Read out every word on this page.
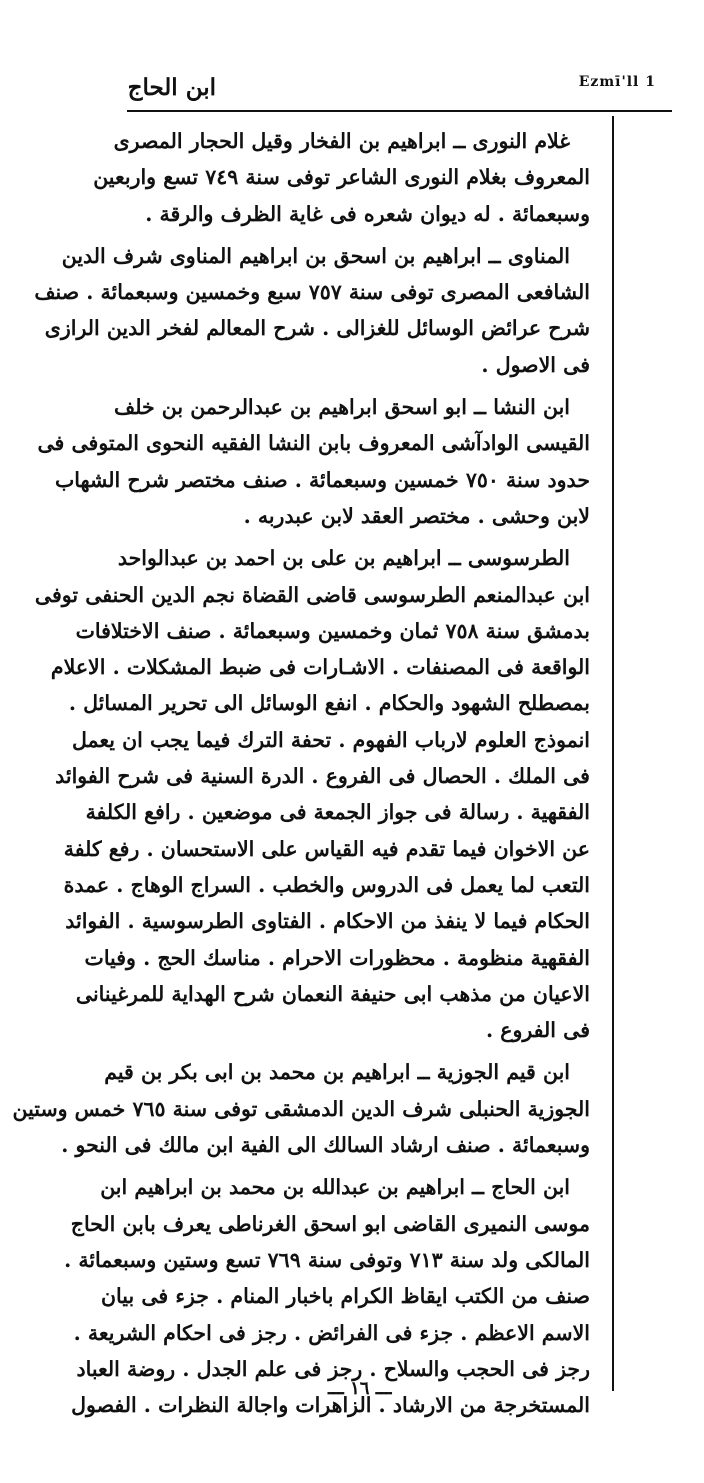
ابن الحاج	Ezmī'll 1
غلام النورى ــ ابراهيم بن الفخار وقيل الحجار المصرى
المعروف بغلام النورى الشاعر توفى سنة ٧٤٩ تسع واربعين
وسبعمائة . له ديوان شعره فى غاية الظرف والرقة .
المناوى ــ ابراهيم بن اسحق بن ابراهيم المناوى شرف الدين
الشافعى المصرى توفى سنة ٧٥٧ سبع وخمسين وسبعمائة . صنف
شرح عرائض الوسائل للغزالى . شرح المعالم لفخر الدين الرازى
فى الاصول .
ابن النشا ــ ابو اسحق ابراهيم بن عبدالرحمن بن خلف
القيسى الوادآشى المعروف بابن النشا الفقيه النحوى المتوفى فى
حدود سنة ٧٥٠ خمسين وسبعمائة . صنف مختصر شرح الشهاب
لابن وحشى . مختصر العقد لابن عبدربه .
الطرسوسى ــ ابراهيم بن على بن احمد بن عبدالواحد
ابن عبدالمنعم الطرسوسى قاضى القضاة نجم الدين الحنفى توفى
بدمشق سنة ٧٥٨ ثمان وخمسين وسبعمائة . صنف الاختلافات
الواقعة فى المصنفات . الاشـارات فى ضبط المشكلات . الاعلام
بمصطلح الشهود والحكام . انفع الوسائل الى تحرير المسائل .
انموذج العلوم لارباب الفهوم . تحفة الترك فيما يجب ان يعمل
فى الملك . الحصال فى الفروع . الدرة السنية فى شرح الفوائد
الفقهية . رسالة فى جواز الجمعة فى موضعين . رافع الكلفة
عن الاخوان فيما تقدم فيه القياس على الاستحسان . رفع كلفة
التعب لما يعمل فى الدروس والخطب . السراج الوهاج . عمدة
الحكام فيما لا ينفذ من الاحكام . الفتاوى الطرسوسية . الفوائد
الفقهية منظومة . محظورات الاحرام . مناسك الحج . وفيات
الاعيان من مذهب ابى حنيفة النعمان شرح الهداية للمرغينانى
فى الفروع .
ابن قيم الجوزية ــ ابراهيم بن محمد بن ابى بكر بن قيم
الجوزية الحنبلى شرف الدين الدمشقى توفى سنة ٧٦٥ خمس وستين
وسبعمائة . صنف ارشاد السالك الى الفية ابن مالك فى النحو .
ابن الحاج ــ ابراهيم بن عبدالله بن محمد بن ابراهيم ابن
موسى النميرى القاضى ابو اسحق الغرناطى يعرف بابن الحاج
المالكى ولد سنة ٧١٣ وتوفى سنة ٧٦٩ تسع وستين وسبعمائة .
صنف من الكتب ايقاظ الكرام باخبار المنام . جزء فى بيان
الاسم الاعظم . جزء فى الفرائض . رجز فى احكام الشريعة .
رجز فى الحجب والسلاح . رجز فى علم الجدل . روضة العباد
المستخرجة من الارشاد . الزاهرات واجالة النظرات . الفصول
ـــ ١٦ ـــ
